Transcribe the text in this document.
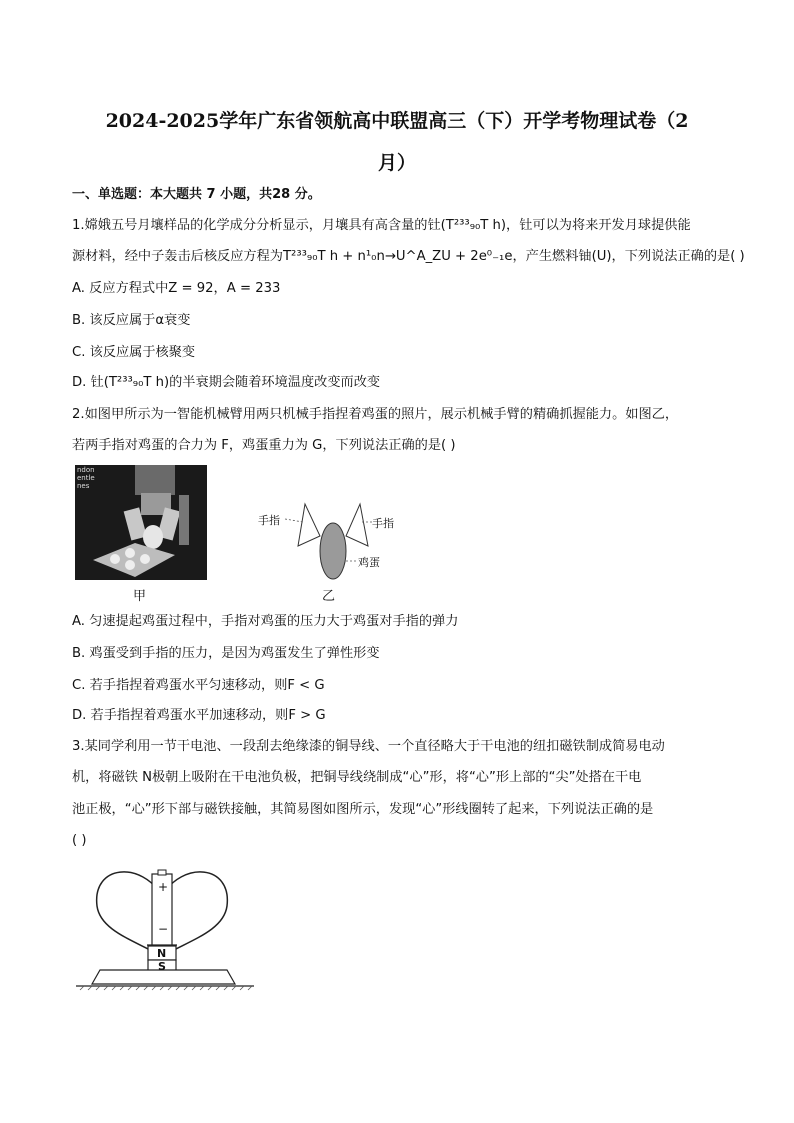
2024-2025学年广东省领航高中联盟高三（下）开学考物理试卷（2
月）
一、单选题：本大题共 7 小题，共28 分。
1.嫦娥五号月壤样品的化学成分分析显示，月壤具有高含量的钍(T²³³₉₀T h)，钍可以为将来开发月球提供能
源材料，经中子轰击后核反应方程为T²³³₉₀T h + n¹₀n→U^A_ZU + 2e⁰₋₁e，产生燃料铀(U)，下列说法正确的是( )
A. 反应方程式中Z = 92，A = 233
B. 该反应属于α衰变
C. 该反应属于核聚变
D. 钍(T²³³₉₀T h)的半衰期会随着环境温度改变而改变
2.如图甲所示为一智能机械臂用两只机械手指捏着鸡蛋的照片，展示机械手臂的精确抓握能力。如图乙，
若两手指对鸡蛋的合力为 F，鸡蛋重力为 G，下列说法正确的是( )
ndon
entle
nes
甲
手指	手指
鸡蛋
乙
A. 匀速提起鸡蛋过程中，手指对鸡蛋的压力大于鸡蛋对手指的弹力
B. 鸡蛋受到手指的压力，是因为鸡蛋发生了弹性形变
C. 若手指捏着鸡蛋水平匀速移动，则F < G
D. 若手指捏着鸡蛋水平加速移动，则F > G
3.某同学利用一节干电池、一段刮去绝缘漆的铜导线、一个直径略大于干电池的纽扣磁铁制成简易电动
机，将磁铁 N极朝上吸附在干电池负极，把铜导线绕制成“心”形，将“心”形上部的“尖”处搭在干电
池正极，“心”形下部与磁铁接触，其简易图如图所示，发现“心”形线圈转了起来，下列说法正确的是
( )
+
−
N
S
